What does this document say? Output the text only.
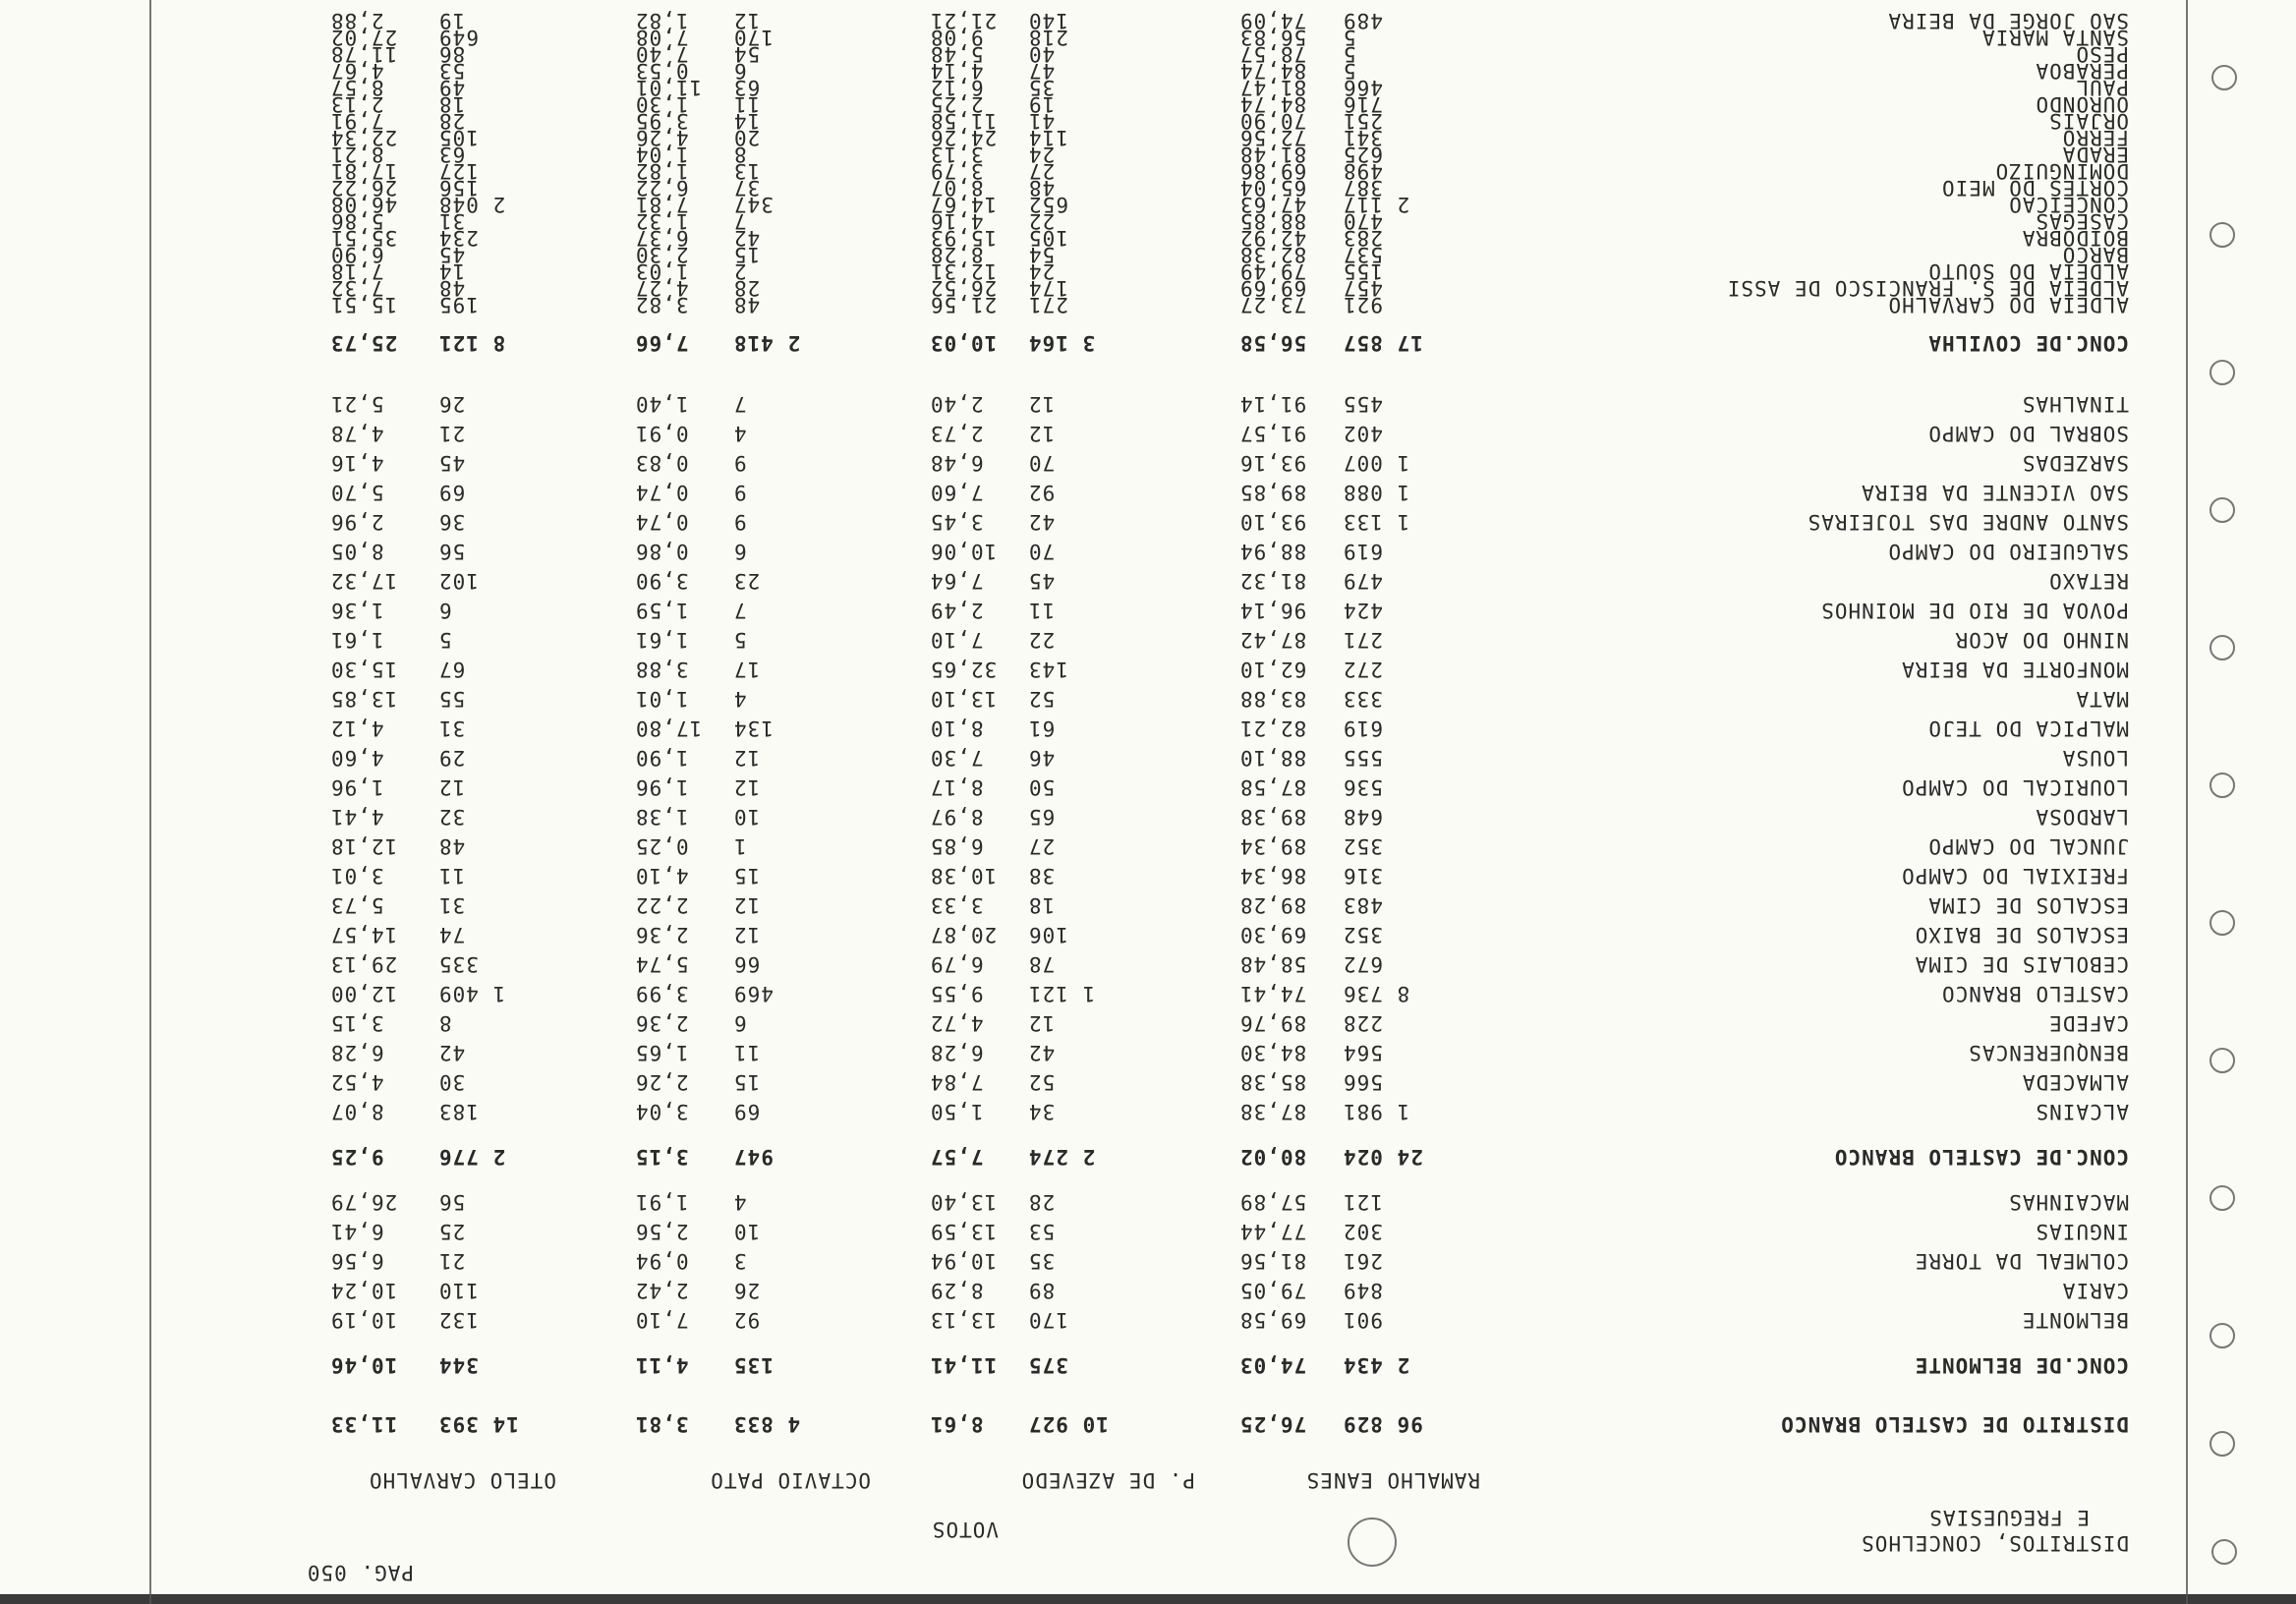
DISTRITOS, CONCELHOS
E FREGUESIAS
VOTOS
RAMALHO EANES
P. DE AZEVEDO
OCTAVIO PATO
OTELO CARVALHO
PAG. 050
DISTRITO DE CASTELO BRANCO
96 829
76,25
10 927
8,61
4 833
3,81
14 393
11,33
CONC.DE BELMONTE
2 434
74,03
375
11,41
135
4,11
344
10,46
BELMONTE
901
69,58
170
13,13
92
7,10
132
10,19
CARIA
849
79,05
89
8,29
26
2,42
110
10,24
COLMEAL DA TORRE
261
81,56
35
10,94
3
0,94
21
6,56
INGUIAS
302
77,44
53
13,59
10
2,56
25
6,41
MACAINHAS
121
57,89
28
13,40
4
1,91
56
26,79
CONC.DE CASTELO BRANCO
24 024
80,02
2 274
7,57
947
3,15
2 776
9,25
ALCAINS
1 981
87,38
34
1,50
69
3,04
183
8,07
ALMACEDA
566
85,38
52
7,84
15
2,26
30
4,52
BENQUERENCAS
564
84,30
42
6,28
11
1,65
42
6,28
CAFEDE
228
89,76
12
4,72
6
2,36
8
3,15
CASTELO BRANCO
8 736
74,41
1 121
9,55
469
3,99
1 409
12,00
CEBOLAIS DE CIMA
672
58,48
78
6,79
66
5,74
335
29,13
ESCALOS DE BAIXO
352
69,30
106
20,87
12
2,36
74
14,57
ESCALOS DE CIMA
483
89,28
18
3,33
12
2,22
31
5,73
FREIXIAL DO CAMPO
316
86,34
38
10,38
15
4,10
11
3,01
JUNCAL DO CAMPO
352
89,34
27
6,85
1
0,25
48
12,18
LARDOSA
648
89,38
65
8,97
10
1,38
32
4,41
LOURICAL DO CAMPO
536
87,58
50
8,17
12
1,96
12
1,96
LOUSA
555
88,10
46
7,30
12
1,90
29
4,60
MALPICA DO TEJO
619
82,21
61
8,10
134
17,80
31
4,12
MATA
333
83,88
52
13,10
4
1,01
55
13,85
MONFORTE DA BEIRA
272
62,10
143
32,65
17
3,88
67
15,30
NINHO DO ACOR
271
87,42
22
7,10
5
1,61
5
1,61
POVOA DE RIO DE MOINHOS
424
96,14
11
2,49
7
1,59
6
1,36
RETAXO
479
81,32
45
7,64
23
3,90
102
17,32
SALGUEIRO DO CAMPO
619
88,94
70
10,06
6
0,86
56
8,05
SANTO ANDRE DAS TOJEIRAS
1 133
93,10
42
3,45
9
0,74
36
2,96
SAO VICENTE DA BEIRA
1 088
89,85
92
7,60
9
0,74
69
5,70
SARZEDAS
1 007
93,16
70
6,48
9
0,83
45
4,16
SOBRAL DO CAMPO
402
91,57
12
2,73
4
0,91
21
4,78
TINALHAS
455
91,14
12
2,40
7
1,40
26
5,21
CONC.DE COVILHA
17 857
56,58
3 164
10,03
2 418
7,66
8 121
25,73
ALDEIA DO CARVALHO
921
73,27
271
21,56
48
3,82
195
15,51
ALDEIA DE S. FRANCISCO DE ASSI
457
69,69
174
26,52
28
4,27
48
7,32
ALDEIA DO SOUTO
155
79,49
24
12,31
2
1,03
14
7,18
BARCO
537
82,38
54
8,28
15
2,30
45
6,90
BOIDOBRA
283
42,92
105
15,93
42
6,37
234
35,51
CASEGAS
470
88,85
22
4,16
7
1,32
31
5,86
CONCEICAO
2 117
47,63
652
14,67
347
7,81
2 048
46,08
CORTES DO MEIO
387
65,04
48
8,07
37
6,22
156
26,22
DOMINGUIZO
498
69,86
27
3,79
13
1,82
127
17,81
ERADA
625
81,48
24
3,13
8
1,04
63
8,21
FERRO
341
72,56
114
24,26
20
4,26
105
22,34
ORJAIS
251
70,90
41
11,58
14
3,95
28
7,91
OURONDO
716
84,74
19
2,25
11
1,30
18
2,13
PAUL
466
81,47
35
6,12
63
11,01
49
8,57
PERABOA
5
84,74
47
4,14
6
0,53
53
4,67
PESO
5
78,57
40
5,48
54
7,40
86
11,78
SANTA MARIA
5
56,83
218
9,08
170
7,08
649
27,02
SAO JORGE DA BEIRA
489
74,09
140
21,21
12
1,82
19
2,88
